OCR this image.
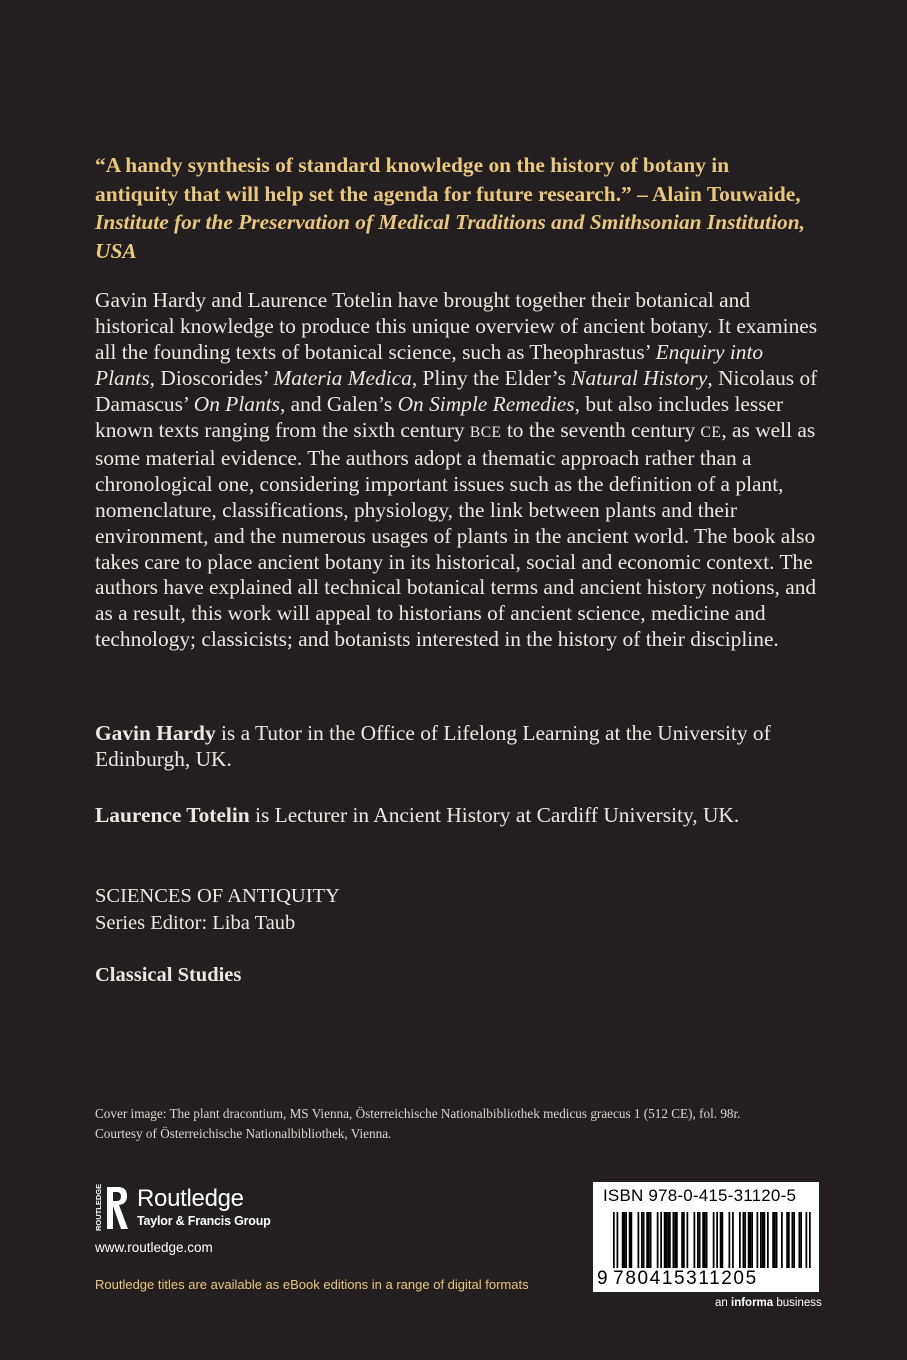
“A handy synthesis of standard knowledge on the history of botany in antiquity that will help set the agenda for future research.” – Alain Touwaide,
Institute for the Preservation of Medical Traditions and Smithsonian Institution, USA
Gavin Hardy and Laurence Totelin have brought together their botanical and historical knowledge to produce this unique overview of ancient botany. It examines all the founding texts of botanical science, such as Theophrastus’ Enquiry into Plants, Dioscorides’ Materia Medica, Pliny the Elder’s Natural History, Nicolaus of Damascus’ On Plants, and Galen’s On Simple Remedies, but also includes lesser known texts ranging from the sixth century BCE to the seventh century CE, as well as some material evidence. The authors adopt a thematic approach rather than a chronological one, considering important issues such as the definition of a plant, nomenclature, classifications, physiology, the link between plants and their environment, and the numerous usages of plants in the ancient world. The book also takes care to place ancient botany in its historical, social and economic context. The authors have explained all technical botanical terms and ancient history notions, and as a result, this work will appeal to historians of ancient science, medicine and technology; classicists; and botanists interested in the history of their discipline.
Gavin Hardy is a Tutor in the Office of Lifelong Learning at the University of Edinburgh, UK.
Laurence Totelin is Lecturer in Ancient History at Cardiff University, UK.
SCIENCES OF ANTIQUITY
Series Editor: Liba Taub
Classical Studies
Cover image: The plant dracontium, MS Vienna, Österreichische Nationalbibliothek medicus graecus 1 (512 CE), fol. 98r.
Courtesy of Österreichische Nationalbibliothek, Vienna.
ROUTLEDGE Routledge
Taylor & Francis Group
www.routledge.com
Routledge titles are available as eBook editions in a range of digital formats
ISBN 978-0-415-31120-5
9 780415311205
an informa business
